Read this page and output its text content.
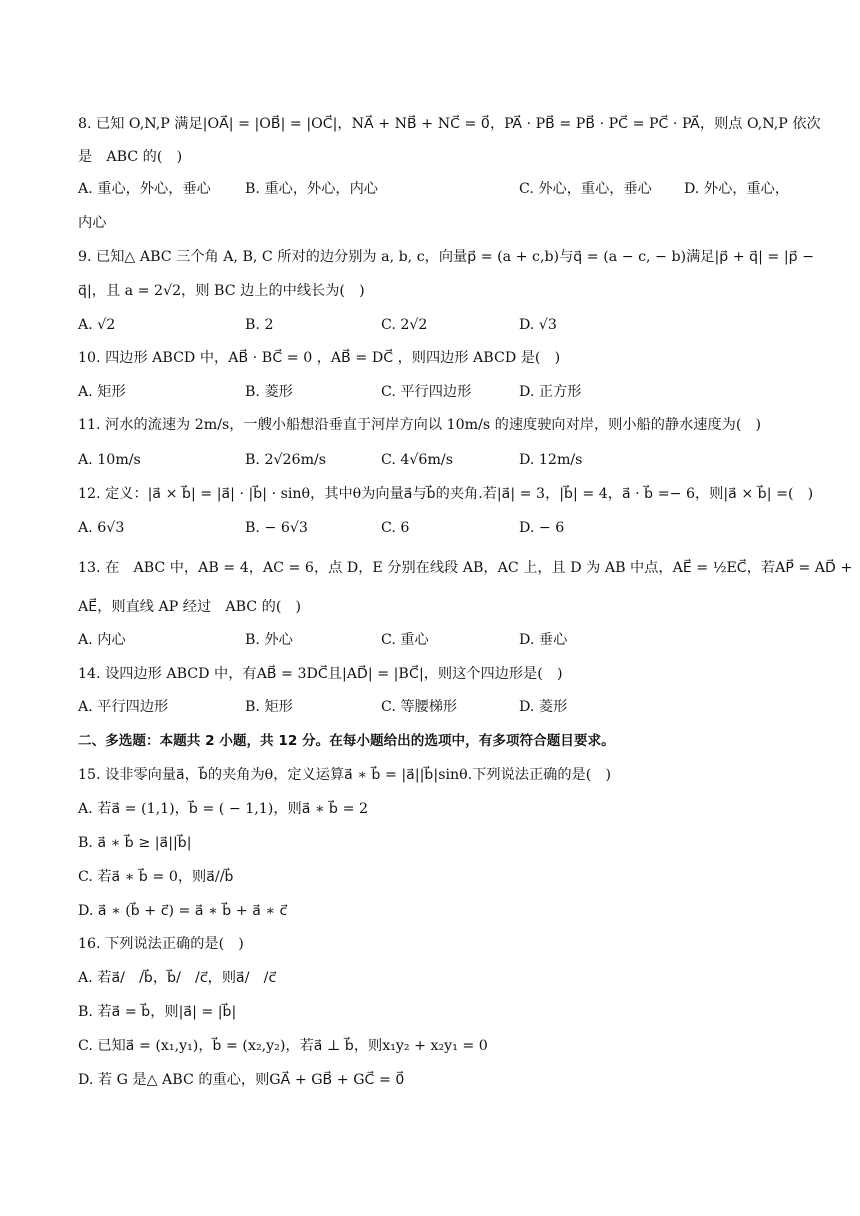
8. 已知 O,N,P 满足|OA⃗| = |OB⃗| = |OC⃗|，NA⃗ + NB⃗ + NC⃗ = 0⃗，PA⃗ · PB⃗ = PB⃗ · PC⃗ = PC⃗ · PA⃗，则点 O,N,P 依次
是　ABC 的(　)
A. 重心，外心，垂心 B. 重心，外心，内心	C. 外心，重心，垂心 D. 外心，重心，
内心
9. 已知△ ABC 三个角 A, B, C 所对的边分别为 a, b, c，向量p⃗ = (a + c,b)与q⃗ = (a − c, − b)满足|p⃗ + q⃗| = |p⃗ −
q⃗|，且 a = 2√2，则 BC 边上的中线长为(　)
A. √2	B. 2	C. 2√2	D. √3
10. 四边形 ABCD 中，AB⃗ · BC⃗ = 0 ，AB⃗ = DC⃗ ，则四边形 ABCD 是(　)
A. 矩形	B. 菱形	C. 平行四边形	D. 正方形
11. 河水的流速为 2m/s，一艘小船想沿垂直于河岸方向以 10m/s 的速度驶向对岸，则小船的静水速度为(　)
A. 10m/s	B. 2√26m/s	C. 4√6m/s	D. 12m/s
12. 定义：|a⃗ × b⃗| = |a⃗| · |b⃗| · sinθ，其中θ为向量a⃗与b⃗的夹角.若|a⃗| = 3，|b⃗| = 4，a⃗ · b⃗ =− 6，则|a⃗ × b⃗| =(　)
A. 6√3	B. − 6√3	C. 6	D. − 6
13. 在　ABC 中，AB = 4，AC = 6，点 D，E 分别在线段 AB，AC 上，且 D 为 AB 中点，AE⃗ = ½EC⃗，若AP⃗ = AD⃗ +
AE⃗，则直线 AP 经过　ABC 的(　)
A. 内心	B. 外心	C. 重心	D. 垂心
14. 设四边形 ABCD 中，有AB⃗ = 3DC⃗且|AD⃗| = |BC⃗|，则这个四边形是(　)
A. 平行四边形	B. 矩形	C. 等腰梯形	D. 菱形
二、多选题：本题共 2 小题，共 12 分。在每小题给出的选项中，有多项符合题目要求。
15. 设非零向量a⃗，b⃗的夹角为θ，定义运算a⃗ ∗ b⃗ = |a⃗||b⃗|sinθ.下列说法正确的是(　)
A. 若a⃗ = (1,1)，b⃗ = ( − 1,1)，则a⃗ ∗ b⃗ = 2
B. a⃗ ∗ b⃗ ≥ |a⃗||b⃗|
C. 若a⃗ ∗ b⃗ = 0，则a⃗//b⃗
D. a⃗ ∗ (b⃗ + c⃗) = a⃗ ∗ b⃗ + a⃗ ∗ c⃗
16. 下列说法正确的是(　)
A. 若a⃗/　/b⃗，b⃗/　/c⃗，则a⃗/　/c⃗
B. 若a⃗ = b⃗，则|a⃗| = |b⃗|
C. 已知a⃗ = (x₁,y₁)，b⃗ = (x₂,y₂)，若a⃗ ⊥ b⃗，则x₁y₂ + x₂y₁ = 0
D. 若 G 是△ ABC 的重心，则GA⃗ + GB⃗ + GC⃗ = 0⃗
